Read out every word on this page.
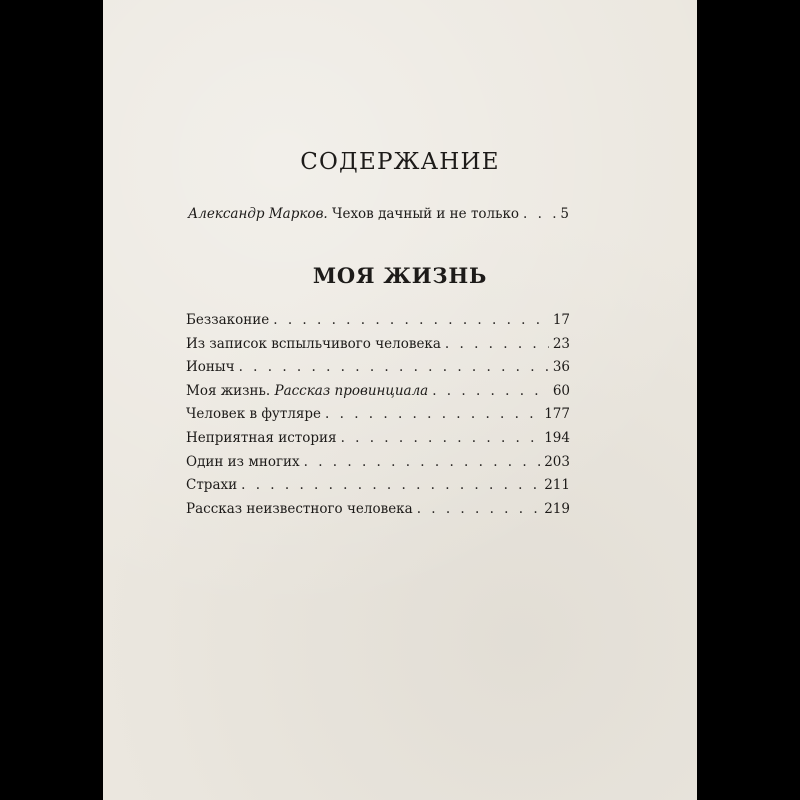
СОДЕРЖАНИЕ
Александр Марков. Чехов дачный и не только . . .	5
МОЯ ЖИЗНЬ
Беззаконие . . .	17
Из записок вспыльчивого человека . . .	23
Ионыч . . .	36
Моя жизнь. Рассказ провинциала . . .	60
Человек в футляре . . .	177
Неприятная история . . .	194
Один из многих . . .	203
Страхи . . .	211
Рассказ неизвестного человека . . .	219
